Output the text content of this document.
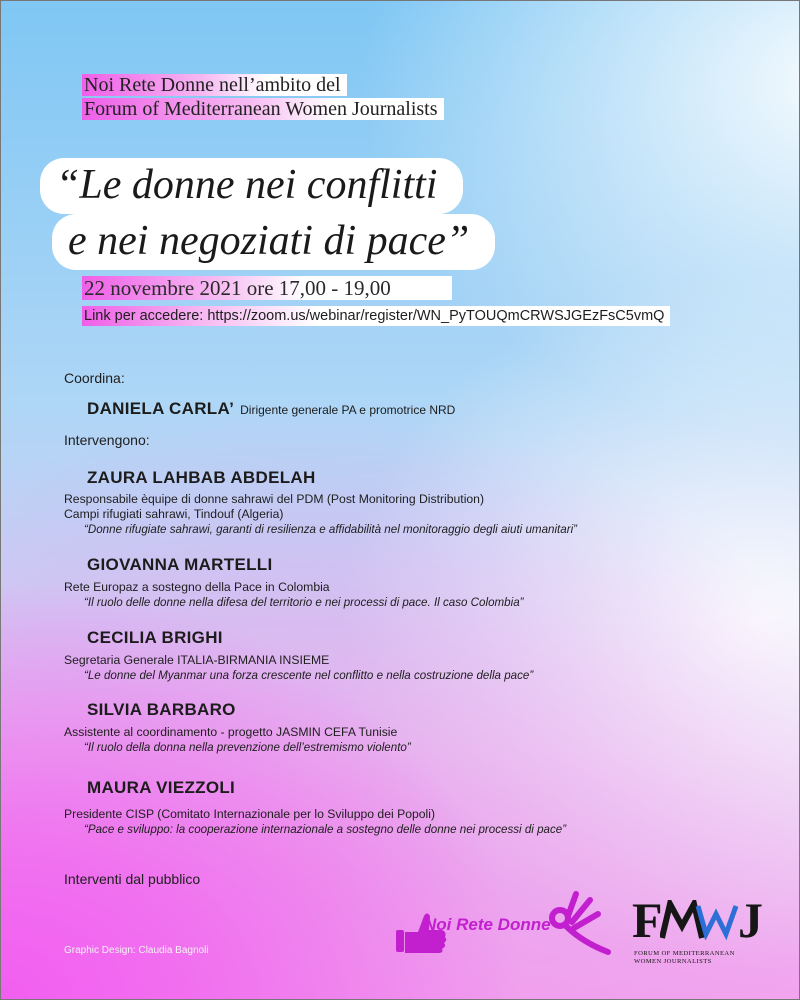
Noi Rete Donne nell’ambito del
Forum of Mediterranean Women Journalists
“Le donne nei conflitti
e nei negoziati di pace”
22 novembre 2021 ore 17,00 - 19,00
Link per accedere: https://zoom.us/webinar/register/WN_PyTOUQmCRWSJGEzFsC5vmQ
Coordina:
DANIELA CARLA’ Dirigente generale PA e promotrice NRD
Intervengono:
ZAURA LAHBAB ABDELAH
Responsabile èquipe di donne sahrawi del PDM (Post Monitoring Distribution)
Campi rifugiati sahrawi, Tindouf (Algeria)
“Donne rifugiate sahrawi, garanti di resilienza e affidabilità nel monitoraggio degli aiuti umanitari”
GIOVANNA MARTELLI
Rete Europaz a sostegno della Pace in Colombia
“Il ruolo delle donne nella difesa del territorio e nei processi di pace. Il caso Colombia”
CECILIA BRIGHI
Segretaria Generale ITALIA-BIRMANIA INSIEME
“Le donne del Myanmar una forza crescente nel conflitto e nella costruzione della pace”
SILVIA BARBARO
Assistente al coordinamento - progetto JASMIN CEFA Tunisie
“Il ruolo della donna nella prevenzione dell’estremismo violento”
MAURA VIEZZOLI
Presidente CISP (Comitato Internazionale per lo Sviluppo dei Popoli)
“Pace e sviluppo: la cooperazione internazionale a sostegno delle donne nei processi di pace”
Interventi dal pubblico
Graphic Design: Claudia Bagnoli
Noi Rete Donne F J
FORUM OF MEDITERRANEAN
WOMEN JOURNALISTS
